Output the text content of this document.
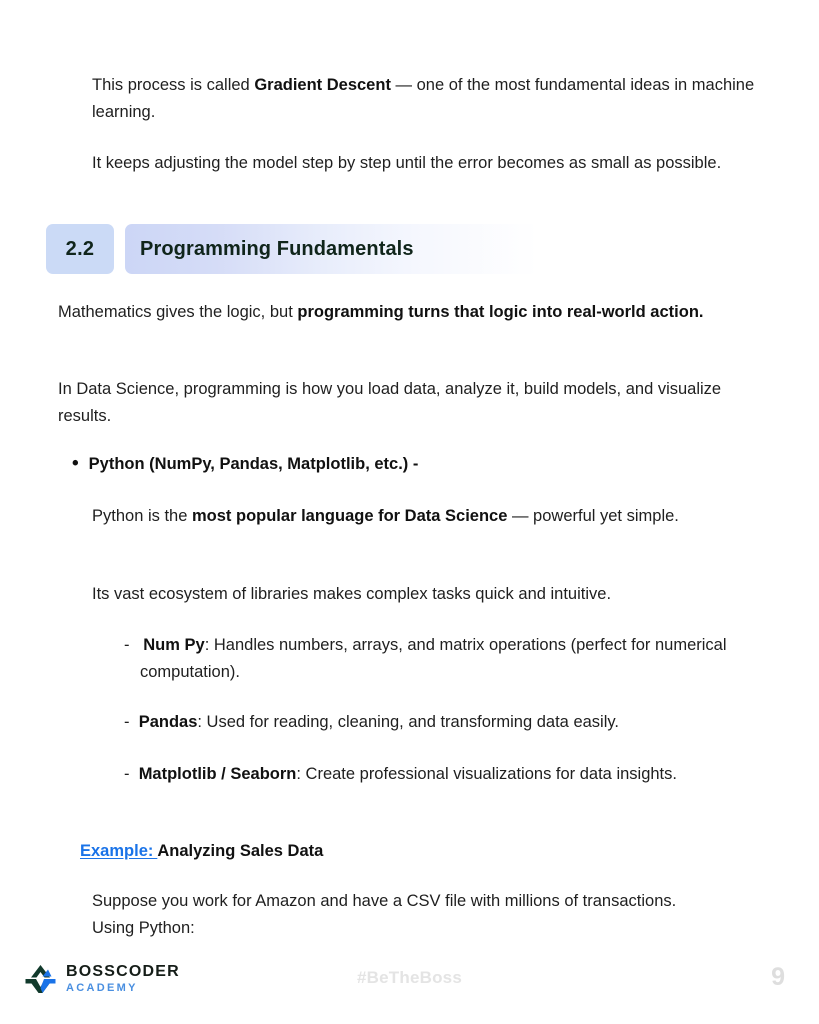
This process is called Gradient Descent — one of the most fundamental ideas in machine learning.
It keeps adjusting the model step by step until the error becomes as small as possible.
2.2	Programming Fundamentals
Mathematics gives the logic, but programming turns that logic into real-world action.
In Data Science, programming is how you load data, analyze it, build models, and visualize results.
• Python (NumPy, Pandas, Matplotlib, etc.) -
Python is the most popular language for Data Science — powerful yet simple.
Its vast ecosystem of libraries makes complex tasks quick and intuitive.
- Num Py: Handles numbers, arrays, and matrix operations (perfect for numerical computation).
- Pandas: Used for reading, cleaning, and transforming data easily.
- Matplotlib / Seaborn: Create professional visualizations for data insights.
Example: Analyzing Sales Data
Suppose you work for Amazon and have a CSV file with millions of transactions. Using Python:
BOSSCODER
ACADEMY
#BeTheBoss	9
